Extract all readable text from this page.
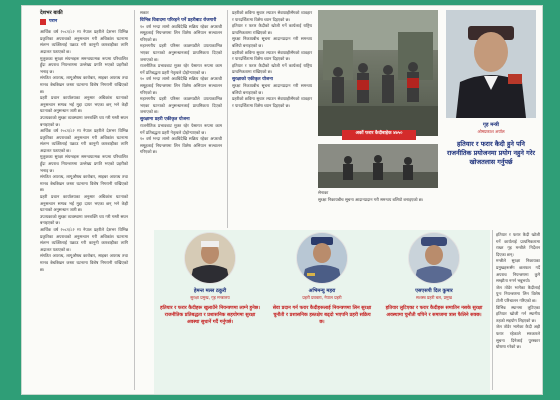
देशभर बाकी
परान

आर्थिक वर्ष २०८१/८२ मा नेपाल प्रहरीले देशभर विभिन्न प्रकृतिका अपराधको अनुसन्धान गरी अधिकांश घटनामा संलग्न व्यक्तिलाई पक्राउ गरी कानुनी कारबाहीका लागि अदालत पठाएको छ।

मुलुकका सुरक्षा संयन्त्रहरू समन्वयात्मक रूपमा परिचालित हुँदा अपराध नियन्त्रणमा उल्लेख्य प्रगति भएको प्रहरीको भनाइ छ।

संगठित अपराध, लागूऔषध कारोबार, साइबर अपराध तथा मानव बेचबिखन जस्ता घटनामा विशेष निगरानी राखिएको छ।

प्रहरी प्रधान कार्यालयका अनुसार अधिकांश घटनाको अनुसन्धान सम्पन्न भई मुद्दा दायर भएका छन् भने केही घटनाको अनुसन्धान जारी छ।

उपत्यकाको सुरक्षा व्यवस्थामा जनशक्ति थप गरी गस्ती सघन बनाइएको छ।

आर्थिक वर्ष २०८१/८२ मा नेपाल प्रहरीले देशभर विभिन्न प्रकृतिका अपराधको अनुसन्धान गरी अधिकांश घटनामा संलग्न व्यक्तिलाई पक्राउ गरी कानुनी कारबाहीका लागि अदालत पठाएको छ।

मुलुकका सुरक्षा संयन्त्रहरू समन्वयात्मक रूपमा परिचालित हुँदा अपराध नियन्त्रणमा उल्लेख्य प्रगति भएको प्रहरीको भनाइ छ।

संगठित अपराध, लागूऔषध कारोबार, साइबर अपराध तथा मानव बेचबिखन जस्ता घटनामा विशेष निगरानी राखिएको छ।

प्रहरी प्रधान कार्यालयका अनुसार अधिकांश घटनाको अनुसन्धान सम्पन्न भई मुद्दा दायर भएका छन् भने केही घटनाको अनुसन्धान जारी छ।

उपत्यकाको सुरक्षा व्यवस्थामा जनशक्ति थप गरी गस्ती सघन बनाइएको छ।

आर्थिक वर्ष २०८१/८२ मा नेपाल प्रहरीले देशभर विभिन्न प्रकृतिका अपराधको अनुसन्धान गरी अधिकांश घटनामा संलग्न व्यक्तिलाई पक्राउ गरी कानुनी कारबाहीका लागि अदालत पठाएको छ।

संगठित अपराध, लागूऔषध कारोबार, साइबर अपराध तथा मानव बेचबिखन जस्ता घटनामा विशेष निगरानी राखिएको छ।

सकार

विभिन्न विवादमा परिरहने पर्ने प्रहरीबाट रोजगारी

१० वर्ष भन्दा लामो अवधिदेखि सक्रिय रहेका अपराधी समूहलाई नियन्त्रणमा लिन विशेष अभियान सञ्चालन गरिएको छ।

महानगरीय प्रहरी परिसर काठमाडौंले उपत्यकाभित्र भएका घटनाको अनुसन्धानलाई प्राथमिकता दिएको जनाएको छ।

राजनीतिक प्रभावबाट मुक्त रहेर पेसागत रूपमा काम गर्ने प्रतिबद्धता प्रहरी नेतृत्वले दोहोर्‍याएको छ।

१० वर्ष भन्दा लामो अवधिदेखि सक्रिय रहेका अपराधी समूहलाई नियन्त्रणमा लिन विशेष अभियान सञ्चालन गरिएको छ।

महानगरीय प्रहरी परिसर काठमाडौंले उपत्यकाभित्र भएका घटनाको अनुसन्धानलाई प्राथमिकता दिएको जनाएको छ।

सुरक्षामा प्रहरी एकीकृत योजना

राजनीतिक प्रभावबाट मुक्त रहेर पेसागत रूपमा काम गर्ने प्रतिबद्धता प्रहरी नेतृत्वले दोहोर्‍याएको छ।

१० वर्ष भन्दा लामो अवधिदेखि सक्रिय रहेका अपराधी समूहलाई नियन्त्रणमा लिन विशेष अभियान सञ्चालन गरिएको छ।

प्रहरीको छविमा सुधार ल्याउन सेवाग्राहीसँगको व्यवहार र पारदर्शितामा विशेष ध्यान दिइएको छ।

हतियार र फरार कैदीको खोजी गर्ने कार्यलाई राष्ट्रिय प्राथमिकतामा राखिएको छ।

सुरक्षा निकायबीच सूचना आदानप्रदान गरी समन्वय बलियो बनाइएको छ।

प्रहरीको छविमा सुधार ल्याउन सेवाग्राहीसँगको व्यवहार र पारदर्शितामा विशेष ध्यान दिइएको छ।

हतियार र फरार कैदीको खोजी गर्ने कार्यलाई राष्ट्रिय प्राथमिकतामा राखिएको छ।

सुरक्षाको एकीकृत योजना

सुरक्षा निकायबीच सूचना आदानप्रदान गरी समन्वय बलियो बनाइएको छ।

प्रहरीको छविमा सुधार ल्याउन सेवाग्राहीसँगको व्यवहार र पारदर्शितामा विशेष ध्यान दिइएको छ।

अर्को फरार कैदीबाहेक ४७५०
गृह मन्त्री
ओमप्रकाश अर्याल
हतियार र फरार कैदी हुने पनि राजनीतिक प्रयोजनमा प्रयोग नहुने गरेर खोजतलास गर्नुपर्छ

सेनाका

सुरक्षा निकायबीच सूचना आदानप्रदान गरी समन्वय बलियो बनाइएको छ।

हेमन्त मल्ल ठकुरी
सुरक्षा प्रमुख, गृह मन्त्रालय
हतियार र फरार कैदीहरू खुलाउँने नियन्त्रणमा लाग्ने हुनेछ। राजनीतिक प्रतिबद्धता र प्रशासनिक सहयोगमा सुरक्षा अवस्था सुधार्ने गर्दै गर्नुपर्छ।
अभिमन्यु महरा
प्रहरी प्रवक्ता, नेपाल प्रहरी
सेवा प्रदान गर्न फरार कैदीहरूलाई नियन्त्रणमा लिन सुरक्षा चुनौती र प्रशासनिक हस्तक्षेप बढ्दो भएपनि प्रहरी सक्रिय छ।
एसएसपी दिल कुमार
सशस्त्र प्रहरी बल, प्रमुख
हतियार लुटिएका र फरार कैदीहरू समातिन नसके सुरक्षा अवस्थामा चुनौती थपिने र समाजमा त्रास फैलिने सक्छ।

हतियार र फरार कैदी खोजी गर्ने कार्यलाई प्राथमिकतामा राख्न गृह मन्त्रीले निर्देशन दिएका छन्।

मन्त्रीले सुरक्षा निकायका प्रमुखहरूसँग छलफल गर्दै अपराध नियन्त्रणमा कुनै सम्झौता नगर्न भन्नुभयो।

जेल तोडेर भागेका कैदीलाई पुनः नियन्त्रणमा लिन विशेष टोली परिचालन गरिएको छ।

विभिन्न स्थानमा लुटिएका हतियार खोजी गर्न स्थानीय तहको सहयोग लिइएको छ।

जेल तोडेर भागेका कैदी अझै फरार रहेकाले सरकारले सूचना दिनेलाई पुरस्कार घोषणा गरेको छ।
